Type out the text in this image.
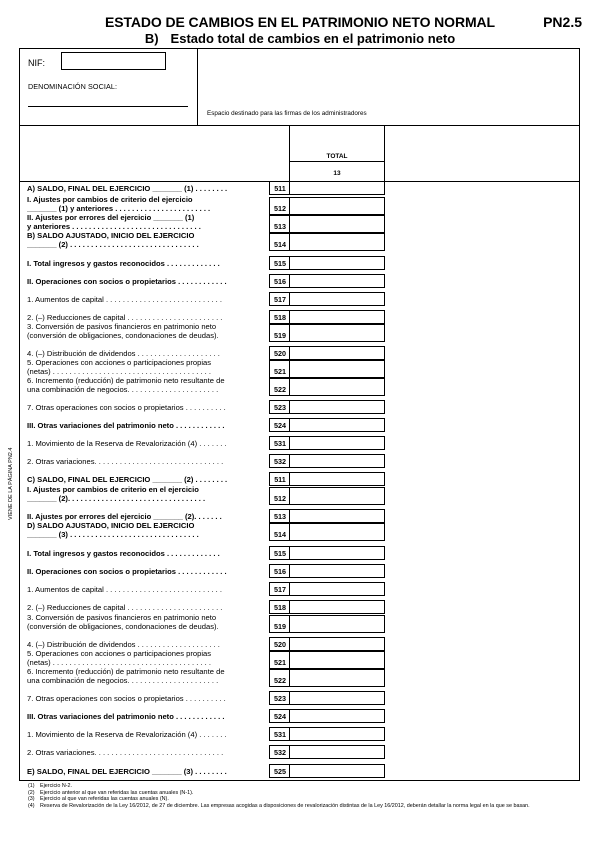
ESTADO DE CAMBIOS EN EL PATRIMONIO NETO NORMAL
B) Estado total de cambios en el patrimonio neto
PN2.5
NIF:
DENOMINACIÓN SOCIAL:
Espacio destinado para las firmas de los administradores
TOTAL
13
VIENE DE LA PÁGINA PN2.4
A) SALDO, FINAL DEL EJERCICIO _______ (1) . . . . . . . .	511
I. Ajustes por cambios de criterio del ejercicio
_______ (1) y anteriores . . . . . . . . . . . . . . . . . . . . . . .	512
II. Ajustes por errores del ejercicio _______ (1)
y anteriores . . . . . . . . . . . . . . . . . . . . . . . . . . . . . . .	513
B) SALDO AJUSTADO, INICIO DEL EJERCICIO
_______ (2) . . . . . . . . . . . . . . . . . . . . . . . . . . . . . . .	514
I. Total ingresos y gastos reconocidos . . . . . . . . . . . . .	515
II. Operaciones con socios o propietarios . . . . . . . . . . . .	516
1. Aumentos de capital . . . . . . . . . . . . . . . . . . . . . . . . . . . .	517
2. (–) Reducciones de capital . . . . . . . . . . . . . . . . . . . . . . .	518
3. Conversión de pasivos financieros en patrimonio neto
(conversión de obligaciones, condonaciones de deudas).	519
4. (–) Distribución de dividendos . . . . . . . . . . . . . . . . . . . .	520
5. Operaciones con acciones o participaciones propias
(netas) . . . . . . . . . . . . . . . . . . . . . . . . . . . . . . . . . . . . . .	521
6. Incremento (reducción) de patrimonio neto resultante de
una combinación de negocios. . . . . . . . . . . . . . . . . . . . . .	522
7. Otras operaciones con socios o propietarios . . . . . . . . . .	523
III. Otras variaciones del patrimonio neto . . . . . . . . . . . .	524
1. Movimiento de la Reserva de Revalorización (4) . . . . . . .	531
2. Otras variaciones. . . . . . . . . . . . . . . . . . . . . . . . . . . . . . .	532
C) SALDO, FINAL DEL EJERCICIO _______ (2) . . . . . . . .	511
I. Ajustes por cambios de criterio en el ejercicio
_______ (2). . . . . . . . . . . . . . . . . . . . . . . . . . . . . . . . .	512
II. Ajustes por errores del ejercicio _______ (2). . . . . . .	513
D) SALDO AJUSTADO, INICIO DEL EJERCICIO
_______ (3) . . . . . . . . . . . . . . . . . . . . . . . . . . . . . . .	514
I. Total ingresos y gastos reconocidos . . . . . . . . . . . . .	515
II. Operaciones con socios o propietarios . . . . . . . . . . . .	516
1. Aumentos de capital . . . . . . . . . . . . . . . . . . . . . . . . . . . .	517
2. (–) Reducciones de capital . . . . . . . . . . . . . . . . . . . . . . .	518
3. Conversión de pasivos financieros en patrimonio neto
(conversión de obligaciones, condonaciones de deudas).	519
4. (–) Distribución de dividendos . . . . . . . . . . . . . . . . . . . .	520
5. Operaciones con acciones o participaciones propias
(netas) . . . . . . . . . . . . . . . . . . . . . . . . . . . . . . . . . . . . . .	521
6. Incremento (reducción) de patrimonio neto resultante de
una combinación de negocios. . . . . . . . . . . . . . . . . . . . . .	522
7. Otras operaciones con socios o propietarios . . . . . . . . . .	523
III. Otras variaciones del patrimonio neto . . . . . . . . . . . .	524
1. Movimiento de la Reserva de Revalorización (4) . . . . . . .	531
2. Otras variaciones. . . . . . . . . . . . . . . . . . . . . . . . . . . . . . .	532
E) SALDO, FINAL DEL EJERCICIO _______ (3) . . . . . . . .	525
(1) Ejercicio N-2.
(2) Ejercicio anterior al que van referidas las cuentas anuales (N-1).
(3) Ejercicio al que van referidas las cuentas anuales (N).
(4) Reserva de Revalorización de la Ley 16/2012, de 27 de diciembre. Las empresas acogidas a disposiciones de revalorización distintas de la Ley 16/2012, deberán detallar la norma legal en la que se basan.
